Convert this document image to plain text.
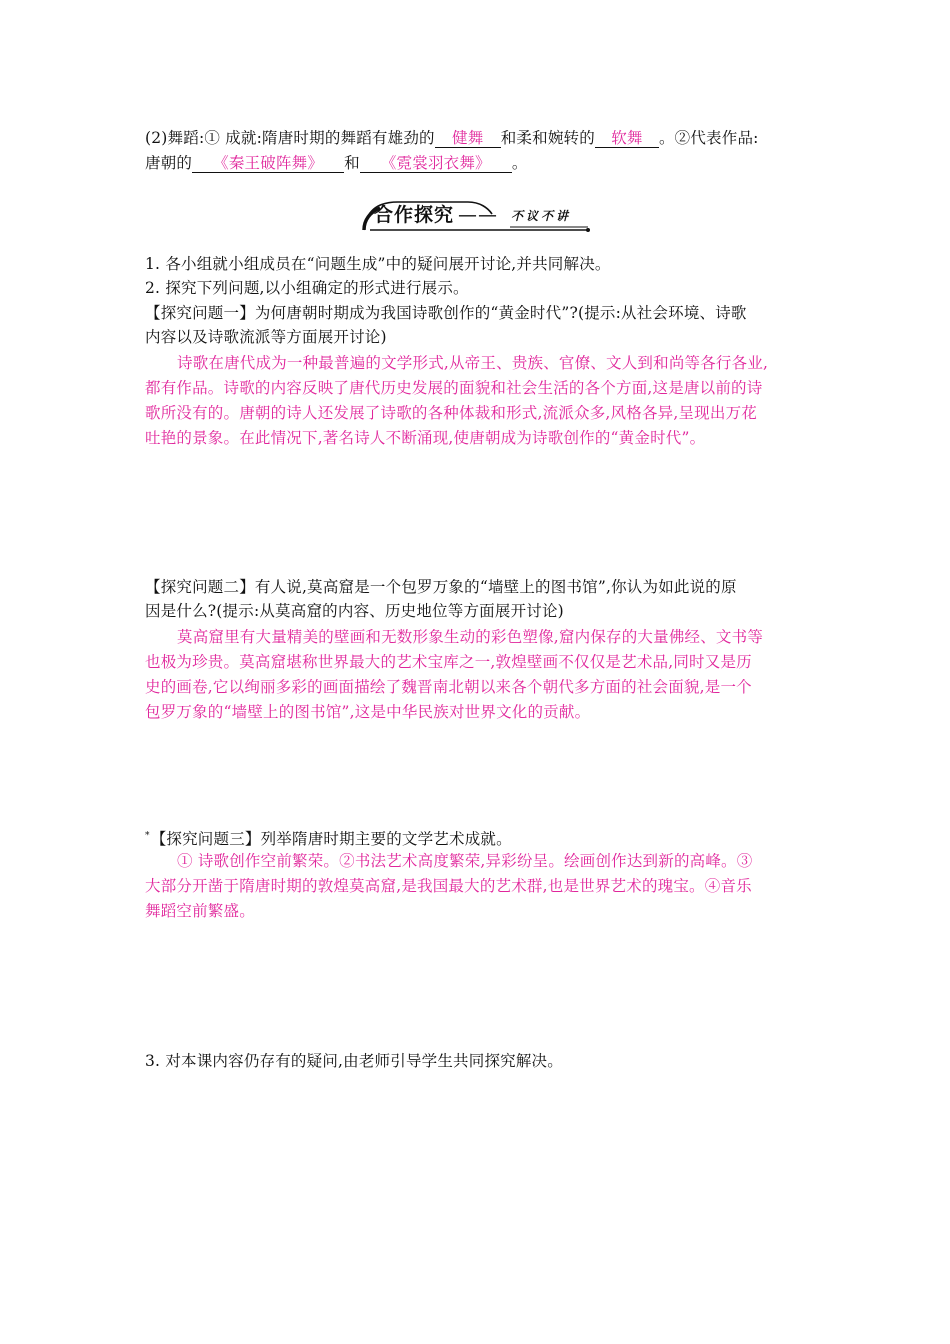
(2)舞蹈:① 成就:隋唐时期的舞蹈有雄劲的 健舞 和柔和婉转的 软舞 。②代表作品:
唐朝的 《秦王破阵舞》 和 《霓裳羽衣舞》 。
合作探究 —— 不议不讲
1. 各小组就小组成员在“问题生成”中的疑问展开讨论,并共同解决。
2. 探究下列问题,以小组确定的形式进行展示。
【探究问题一】为何唐朝时期成为我国诗歌创作的“黄金时代”?(提示:从社会环境、诗歌
内容以及诗歌流派等方面展开讨论)
诗歌在唐代成为一种最普遍的文学形式,从帝王、贵族、官僚、文人到和尚等各行各业,
都有作品。诗歌的内容反映了唐代历史发展的面貌和社会生活的各个方面,这是唐以前的诗
歌所没有的。唐朝的诗人还发展了诗歌的各种体裁和形式,流派众多,风格各异,呈现出万花
吐艳的景象。在此情况下,著名诗人不断涌现,使唐朝成为诗歌创作的“黄金时代”。
【探究问题二】有人说,莫高窟是一个包罗万象的“墙壁上的图书馆”,你认为如此说的原
因是什么?(提示:从莫高窟的内容、历史地位等方面展开讨论)
莫高窟里有大量精美的壁画和无数形象生动的彩色塑像,窟内保存的大量佛经、文书等
也极为珍贵。莫高窟堪称世界最大的艺术宝库之一,敦煌壁画不仅仅是艺术品,同时又是历
史的画卷,它以绚丽多彩的画面描绘了魏晋南北朝以来各个朝代多方面的社会面貌,是一个
包罗万象的“墙壁上的图书馆”,这是中华民族对世界文化的贡献。
*【探究问题三】列举隋唐时期主要的文学艺术成就。
① 诗歌创作空前繁荣。②书法艺术高度繁荣,异彩纷呈。绘画创作达到新的高峰。③
大部分开凿于隋唐时期的敦煌莫高窟,是我国最大的艺术群,也是世界艺术的瑰宝。④音乐
舞蹈空前繁盛。
3. 对本课内容仍存有的疑问,由老师引导学生共同探究解决。
